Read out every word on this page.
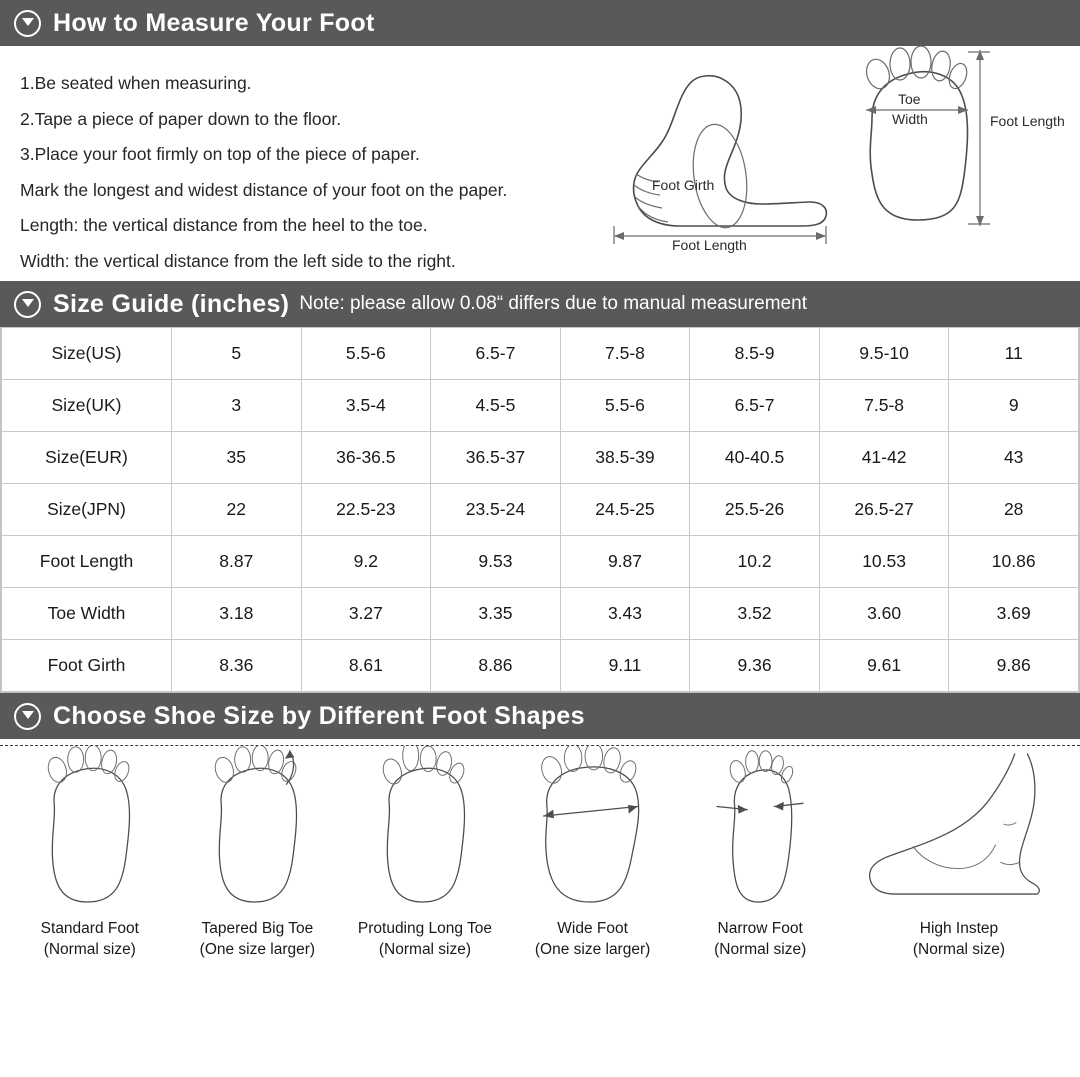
How to Measure Your Foot
1.Be seated when measuring.
2.Tape a piece of paper down to the floor.
3.Place your foot firmly on top of the piece of paper.
Mark the longest and widest distance of your foot on the paper.
Length: the vertical distance from the heel to the toe.
Width: the vertical distance from the left side to the right.
Foot Girth
Foot Length
Toe
Width	Foot Length
Size Guide (inches) Note: please allow 0.08“ differs due to manual measurement
Size(US)	5	5.5-6	6.5-7	7.5-8	8.5-9	9.5-10	11
Size(UK)	3	3.5-4	4.5-5	5.5-6	6.5-7	7.5-8	9
Size(EUR)	35	36-36.5	36.5-37	38.5-39	40-40.5	41-42	43
Size(JPN)	22	22.5-23	23.5-24	24.5-25	25.5-26	26.5-27	28
Foot Length	8.87	9.2	9.53	9.87	10.2	10.53	10.86
Toe Width	3.18	3.27	3.35	3.43	3.52	3.60	3.69
Foot Girth	8.36	8.61	8.86	9.11	9.36	9.61	9.86
Choose Shoe Size by Different Foot Shapes
Standard Foot
(Normal size)
Tapered Big Toe
(One size larger)
Protuding Long Toe
(Normal size)
Wide Foot
(One size larger)
Narrow Foot
(Normal size)
High Instep
(Normal size)
